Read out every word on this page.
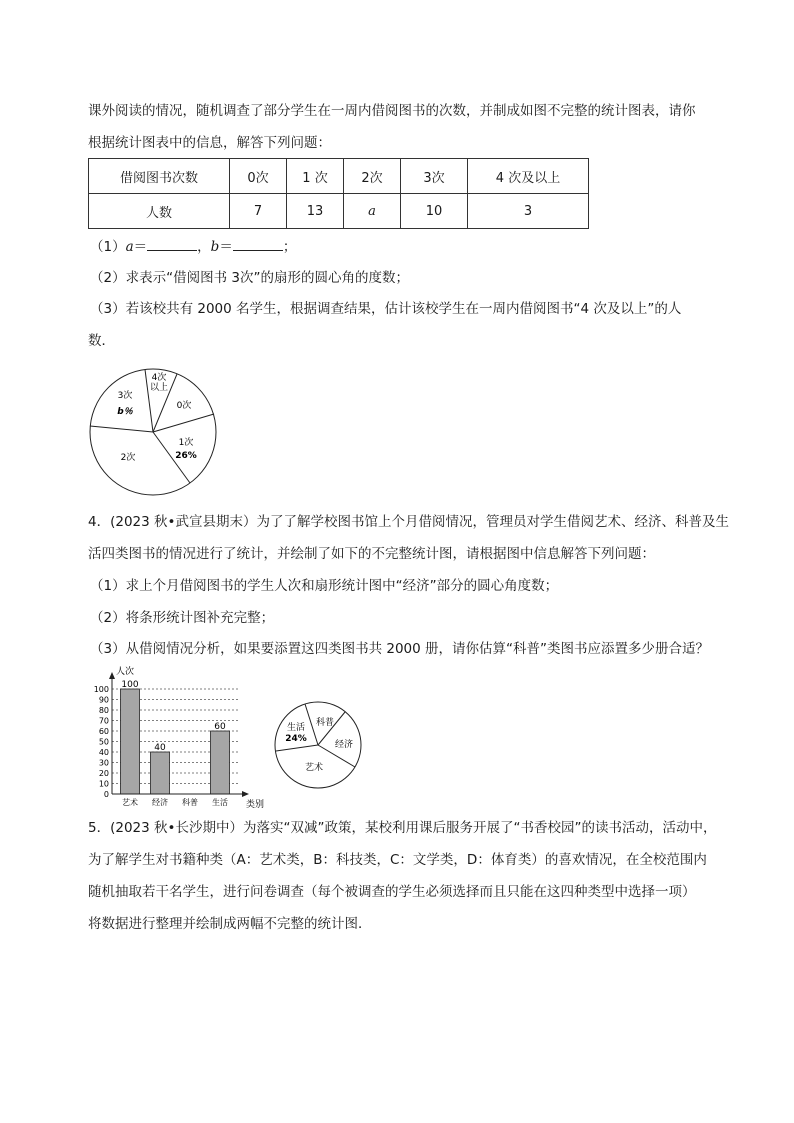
课外阅读的情况，随机调查了部分学生在一周内借阅图书的次数，并制成如图不完整的统计图表，请你
根据统计图表中的信息，解答下列问题：
借阅图书次数	0次	1 次	2次	3次	4 次及以上
人数	7	13	a	10	3
（1）a＝	，b＝	；
（2）求表示“借阅图书 3次”的扇形的圆心角的度数；
（3）若该校共有 2000 名学生，根据调查结果，估计该校学生在一周内借阅图书“4 次及以上”的人
数．
4次
以上
0次
1次
26%
2次
3次
b％
4．(2023 秋•武宣县期末）为了了解学校图书馆上个月借阅情况，管理员对学生借阅艺术、经济、科普及生
活四类图书的情况进行了统计，并绘制了如下的不完整统计图，请根据图中信息解答下列问题：
（1）求上个月借阅图书的学生人次和扇形统计图中“经济”部分的圆心角度数；
（2）将条形统计图补充完整；
（3）从借阅情况分析，如果要添置这四类图书共 2000 册，请你估算“科普”类图书应添置多少册合适？
0
10
20
30
40
50
60
70
80
90
100 100
40
60
艺术 经济 科普 生活
人次
类别
生活
24%
科普
经济
艺术
5．(2023 秋•长沙期中）为落实“双减”政策，某校利用课后服务开展了“书香校园”的读书活动，活动中，
为了解学生对书籍种类（A：艺术类，B：科技类，C：文学类，D：体育类）的喜欢情况，在全校范围内
随机抽取若干名学生，进行问卷调查（每个被调查的学生必须选择而且只能在这四种类型中选择一项）
将数据进行整理并绘制成两幅不完整的统计图．
